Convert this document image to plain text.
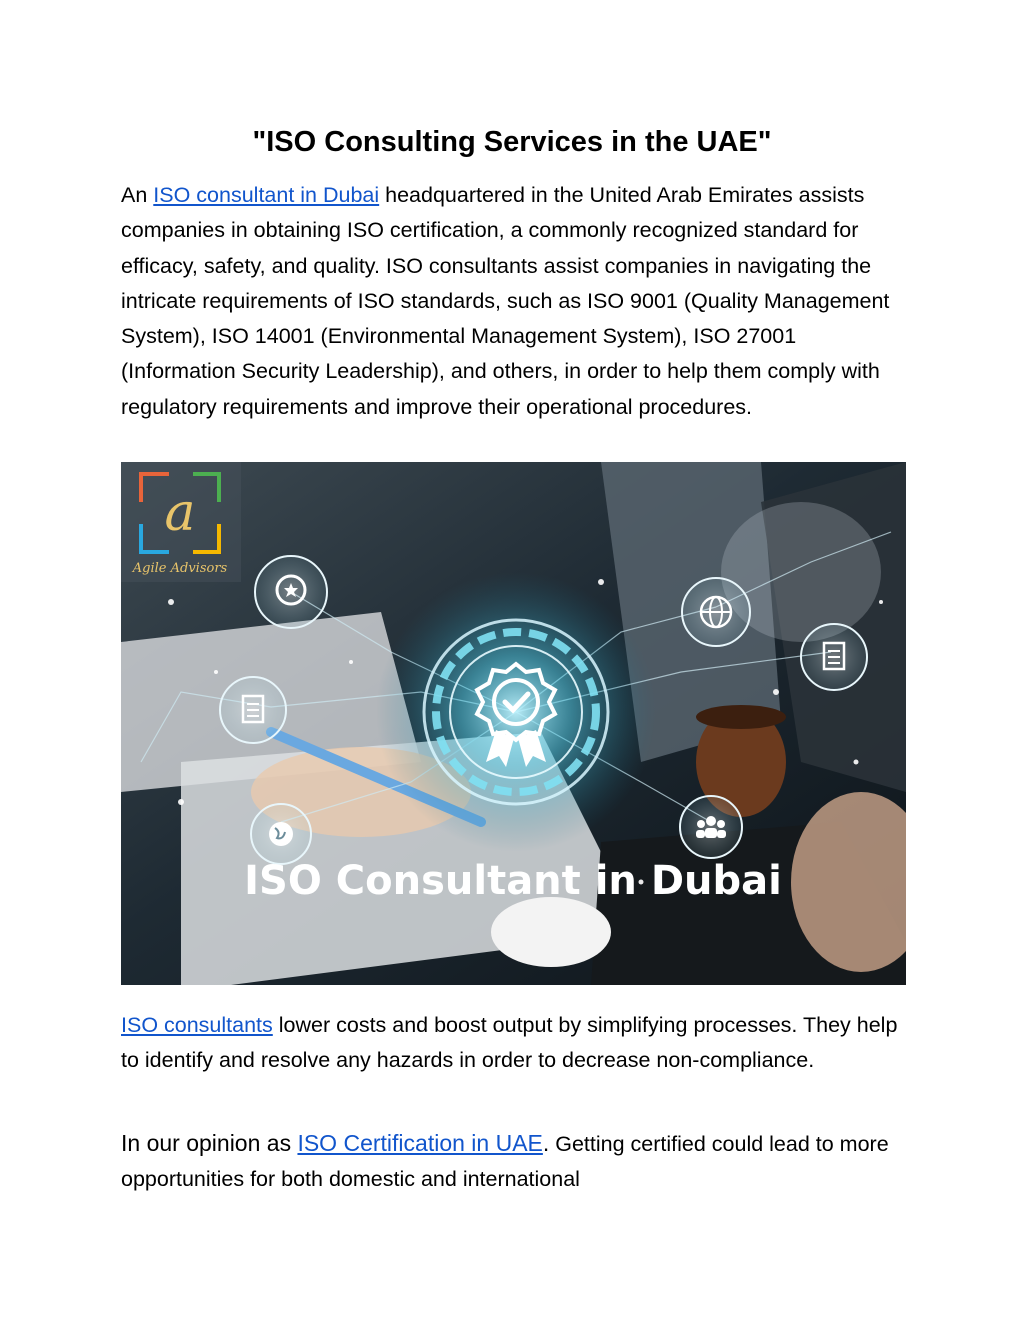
"ISO Consulting Services in the UAE"

An ISO consultant in Dubai headquartered in the United Arab Emirates assists companies in obtaining ISO certification, a commonly recognized standard for efficacy, safety, and quality. ISO consultants assist companies in navigating the intricate requirements of ISO standards, such as ISO 9001 (Quality Management System), ISO 14001 (Environmental Management System), ISO 27001 (Information Security Leadership), and others, in order to help them comply with regulatory requirements and improve their operational procedures.

a
Agile Advisors
ISO Consultant in Dubai

ISO consultants lower costs and boost output by simplifying processes. They help to identify and resolve any hazards in order to decrease non-compliance.

In our opinion as ISO Certification in UAE. Getting certified could lead to more opportunities for both domestic and international
